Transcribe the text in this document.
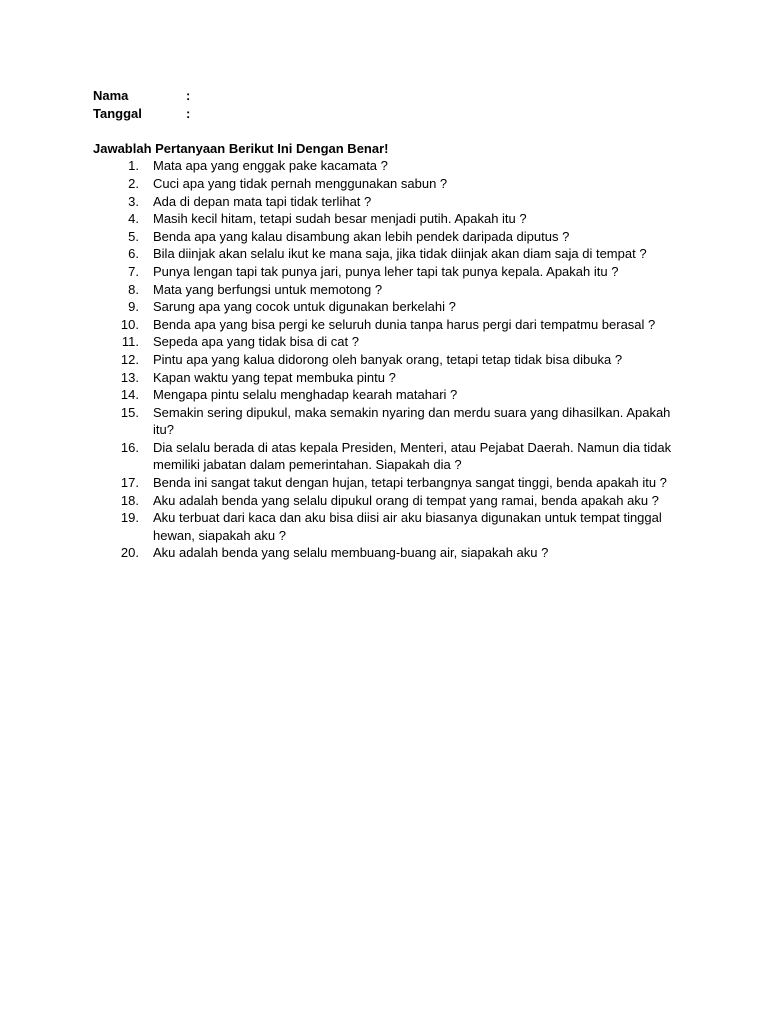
Nama	:
Tanggal	:
Jawablah Pertanyaan Berikut Ini Dengan Benar!
1. Mata apa yang enggak pake kacamata ?
2. Cuci apa yang tidak pernah menggunakan sabun ?
3. Ada di depan mata tapi tidak terlihat ?
4. Masih kecil hitam, tetapi sudah besar menjadi putih. Apakah itu ?
5. Benda apa yang kalau disambung akan lebih pendek daripada diputus ?
6. Bila diinjak akan selalu ikut ke mana saja, jika tidak diinjak akan diam saja di tempat ?
7. Punya lengan tapi tak punya jari, punya leher tapi tak punya kepala. Apakah itu ?
8. Mata yang berfungsi untuk memotong ?
9. Sarung apa yang cocok untuk digunakan berkelahi ?
10. Benda apa yang bisa pergi ke seluruh dunia tanpa harus pergi dari tempatmu berasal ?
11. Sepeda apa yang tidak bisa di cat ?
12. Pintu apa yang kalua didorong oleh banyak orang, tetapi tetap tidak bisa dibuka ?
13. Kapan waktu yang tepat membuka pintu ?
14. Mengapa pintu selalu menghadap kearah matahari ?
15. Semakin sering dipukul, maka semakin nyaring dan merdu suara yang dihasilkan. Apakah itu?
16. Dia selalu berada di atas kepala Presiden, Menteri, atau Pejabat Daerah. Namun dia tidak memiliki jabatan dalam pemerintahan. Siapakah dia ?
17. Benda ini sangat takut dengan hujan, tetapi terbangnya sangat tinggi, benda apakah itu ?
18. Aku adalah benda yang selalu dipukul orang di tempat yang ramai, benda apakah aku ?
19. Aku terbuat dari kaca dan aku bisa diisi air aku biasanya digunakan untuk tempat tinggal hewan, siapakah aku ?
20. Aku adalah benda yang selalu membuang-buang air, siapakah aku ?
